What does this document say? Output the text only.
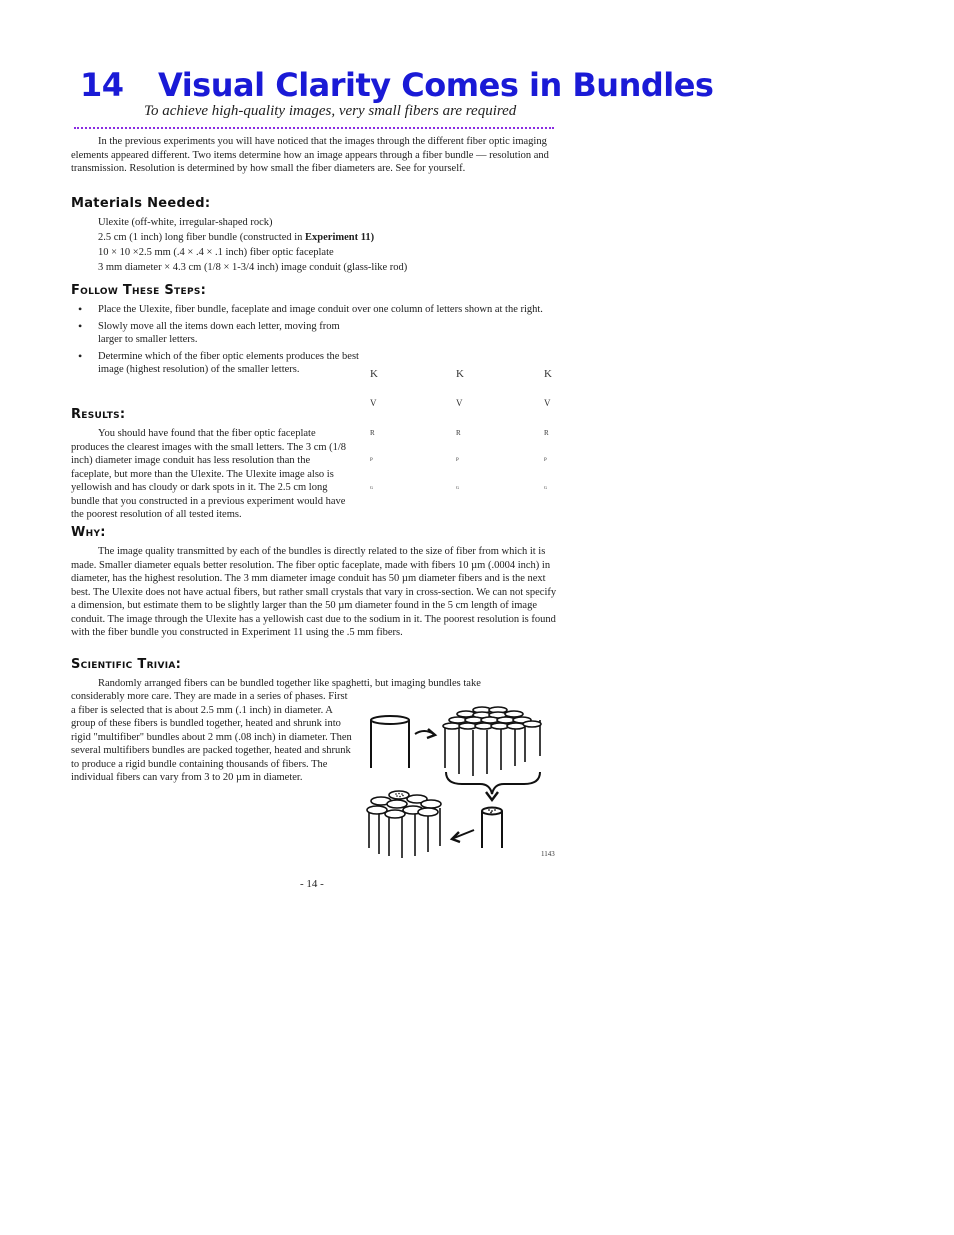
14 Visual Clarity Comes in Bundles
To achieve high-quality images, very small fibers are required

In the previous experiments you will have noticed that the images through the different fiber optic imaging elements appeared different. Two items determine how an image appears through a fiber bundle — resolution and transmission. Resolution is determined by how small the fiber diameters are. See for yourself.

Materials Needed:
Ulexite (off-white, irregular-shaped rock)
2.5 cm (1 inch) long fiber bundle (constructed in Experiment 11)
10 × 10 ×2.5 mm (.4 × .4 × .1 inch) fiber optic faceplate
3 mm diameter × 4.3 cm (1/8 × 1-3/4 inch) image conduit (glass-like rod)
Follow These Steps:
• Place the Ulexite, fiber bundle, faceplate and image conduit over one column of letters shown at the right.
• Slowly move all the items down each letter, moving from larger to smaller letters.
• Determine which of the fiber optic elements produces the best image (highest resolution) of the smaller letters.	K
V
R
P
G
K
V
R
P
G
K
V
R
P
G
Results:

You should have found that the fiber optic faceplate produces the clearest images with the small letters. The 3 cm (1/8 inch) diameter image conduit has less resolution than the faceplate, but more than the Ulexite. The Ulexite image also is yellowish and has cloudy or dark spots in it. The 2.5 cm long bundle that you constructed in a previous experiment would have the poorest resolution of all tested items.

Why:

The image quality transmitted by each of the bundles is directly related to the size of fiber from which it is made. Smaller diameter equals better resolution. The fiber optic faceplate, made with fibers 10 µm (.0004 inch) in diameter, has the highest resolution. The 3 mm diameter image conduit has 50 µm diameter fibers and is the next best. The Ulexite does not have actual fibers, but rather small crystals that vary in cross-section. We can not specify a dimension, but estimate them to be slightly larger than the 50 µm diameter found in the 5 cm length of image conduit. The image through the Ulexite has a yellowish cast due to the sodium in it. The poorest resolution is found with the fiber bundle you constructed in Experiment 11 using the .5 mm fibers.

Scientific Trivia:

Randomly arranged fibers can be bundled together like spaghetti, but imaging bundles take

considerably more care. They are made in a series of phases. First a fiber is selected that is about 2.5 mm (.1 inch) in diameter. A group of these fibers is bundled together, heated and shrunk into rigid "multifiber" bundles about 2 mm (.08 inch) in diameter. Then several multifibers bundles are packed together, heated and shrunk to produce a rigid bundle containing thousands of fibers. The individual fibers can vary from 3 to 20 µm in diameter.

1143
- 14 -
